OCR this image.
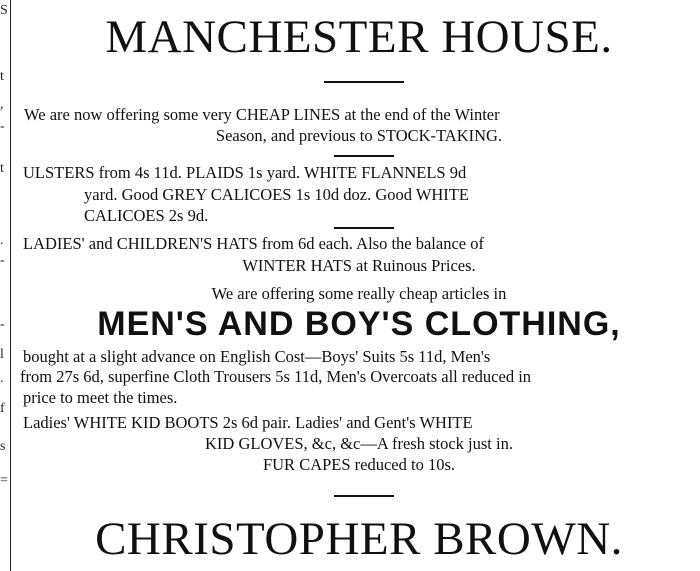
S
t
,
-
t
.
-
-
l
.
f
s
=
MANCHESTER HOUSE.
We are now offering some very CHEAP LINES at the end of the Winter
Season, and previous to STOCK-TAKING.
ULSTERS from 4s 11d. PLAIDS 1s yard. WHITE FLANNELS 9d
yard. Good GREY CALICOES 1s 10d doz. Good WHITE
CALICOES 2s 9d.
LADIES' and CHILDREN'S HATS from 6d each. Also the balance of
WINTER HATS at Ruinous Prices.
We are offering some really cheap articles in
MEN'S AND BOY'S CLOTHING,
bought at a slight advance on English Cost—Boys' Suits 5s 11d, Men's
from 27s 6d, superfine Cloth Trousers 5s 11d, Men's Overcoats all reduced in
price to meet the times.
Ladies' WHITE KID BOOTS 2s 6d pair. Ladies' and Gent's WHITE
KID GLOVES, &c, &c—A fresh stock just in.
FUR CAPES reduced to 10s.
CHRISTOPHER BROWN.
